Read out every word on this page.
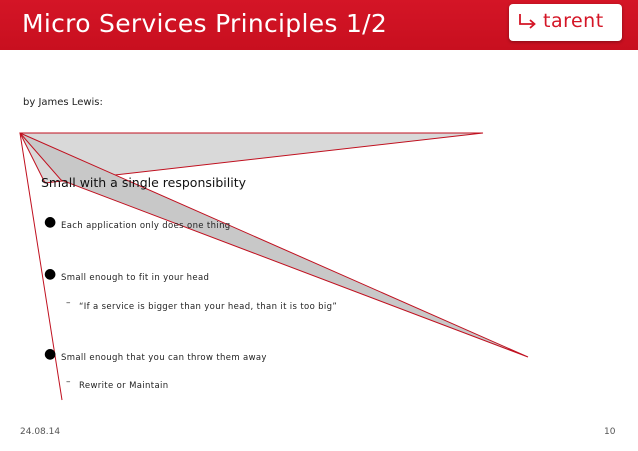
Micro Services Principles 1/2	tarent
by James Lewis:
Small with a single responsibility
● Each application only does one thing
● Small enough to fit in your head
– “If a service is bigger than your head, than it is too big”
● Small enough that you can throw them away
– Rewrite or Maintain
24.08.14	10
